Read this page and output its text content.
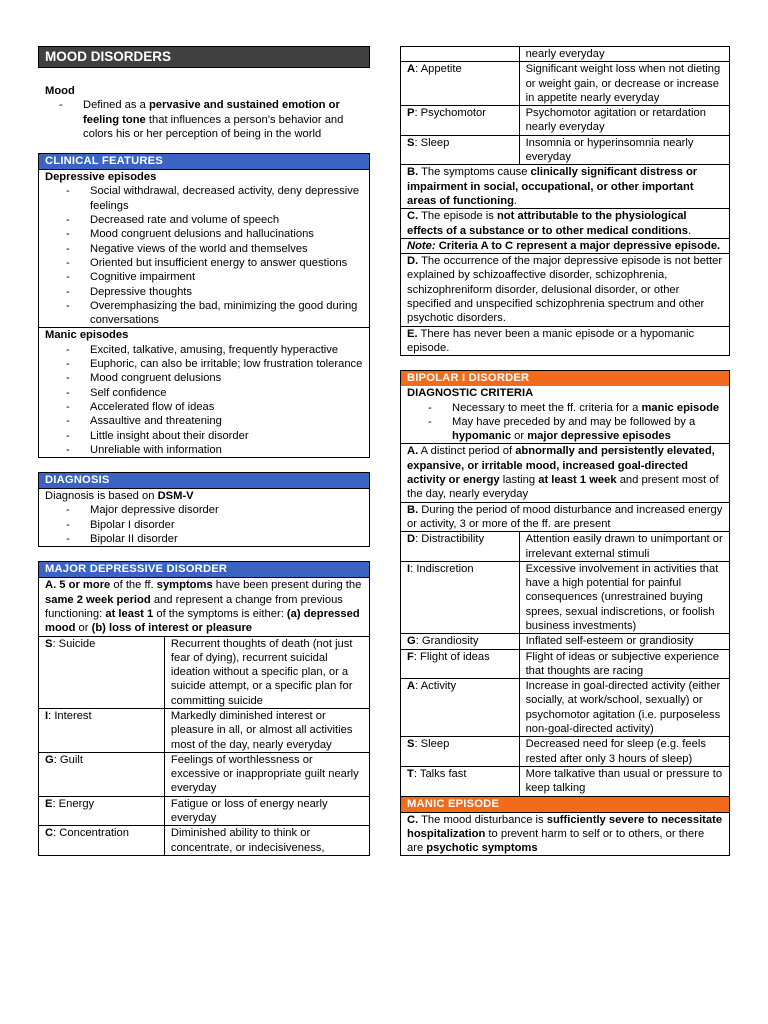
MOOD DISORDERS
Mood
- Defined as a pervasive and sustained emotion or feeling tone that influences a person’s behavior and colors his or her perception of being in the world
CLINICAL FEATURES
Depressive episodes
- Social withdrawal, decreased activity, deny depressive feelings
- Decreased rate and volume of speech
- Mood congruent delusions and hallucinations
- Negative views of the world and themselves
- Oriented but insufficient energy to answer questions
- Cognitive impairment
- Depressive thoughts
- Overemphasizing the bad, minimizing the good during conversations
Manic episodes
- Excited, talkative, amusing, frequently hyperactive
- Euphoric, can also be irritable; low frustration tolerance
- Mood congruent delusions
- Self confidence
- Accelerated flow of ideas
- Assaultive and threatening
- Little insight about their disorder
- Unreliable with information
DIAGNOSIS
Diagnosis is based on DSM-V
- Major depressive disorder
- Bipolar I disorder
- Bipolar II disorder
MAJOR DEPRESSIVE DISORDER
A. 5 or more of the ff. symptoms have been present during the same 2 week period and represent a change from previous functioning: at least 1 of the symptoms is either: (a) depressed mood or (b) loss of interest or pleasure
S: Suicide	Recurrent thoughts of death (not just fear of dying), recurrent suicidal ideation without a specific plan, or a suicide attempt, or a specific plan for committing suicide
I: Interest	Markedly diminished interest or pleasure in all, or almost all activities most of the day, nearly everyday
G: Guilt	Feelings of worthlessness or excessive or inappropriate guilt nearly everyday
E: Energy	Fatigue or loss of energy nearly everyday
C: Concentration	Diminished ability to think or concentrate, or indecisiveness,
	nearly everyday
A: Appetite	Significant weight loss when not dieting or weight gain, or decrease or increase in appetite nearly everyday
P: Psychomotor	Psychomotor agitation or retardation nearly everyday
S: Sleep	Insomnia or hyperinsomnia nearly everyday
B. The symptoms cause clinically significant distress or impairment in social, occupational, or other important areas of functioning.
C. The episode is not attributable to the physiological effects of a substance or to other medical conditions.
Note: Criteria A to C represent a major depressive episode.
D. The occurrence of the major depressive episode is not better explained by schizoaffective disorder, schizophrenia, schizophreniform disorder, delusional disorder, or other specified and unspecified schizophrenia spectrum and other psychotic disorders.
E. There has never been a manic episode or a hypomanic episode.
BIPOLAR I DISORDER
DIAGNOSTIC CRITERIA
- Necessary to meet the ff. criteria for a manic episode
- May have preceded by and may be followed by a hypomanic or major depressive episodes
A. A distinct period of abnormally and persistently elevated, expansive, or irritable mood, increased goal-directed activity or energy lasting at least 1 week and present most of the day, nearly everyday
B. During the period of mood disturbance and increased energy or activity, 3 or more of the ff. are present
D: Distractibility	Attention easily drawn to unimportant or irrelevant external stimuli
I: Indiscretion	Excessive involvement in activities that have a high potential for painful consequences (unrestrained buying sprees, sexual indiscretions, or foolish business investments)
G: Grandiosity	Inflated self-esteem or grandiosity
F: Flight of ideas	Flight of ideas or subjective experience that thoughts are racing
A: Activity	Increase in goal-directed activity (either socially, at work/school, sexually) or psychomotor agitation (i.e. purposeless non-goal-directed activity)
S: Sleep	Decreased need for sleep (e.g. feels rested after only 3 hours of sleep)
T: Talks fast	More talkative than usual or pressure to keep talking
MANIC EPISODE
C. The mood disturbance is sufficiently severe to necessitate hospitalization to prevent harm to self or to others, or there are psychotic symptoms
